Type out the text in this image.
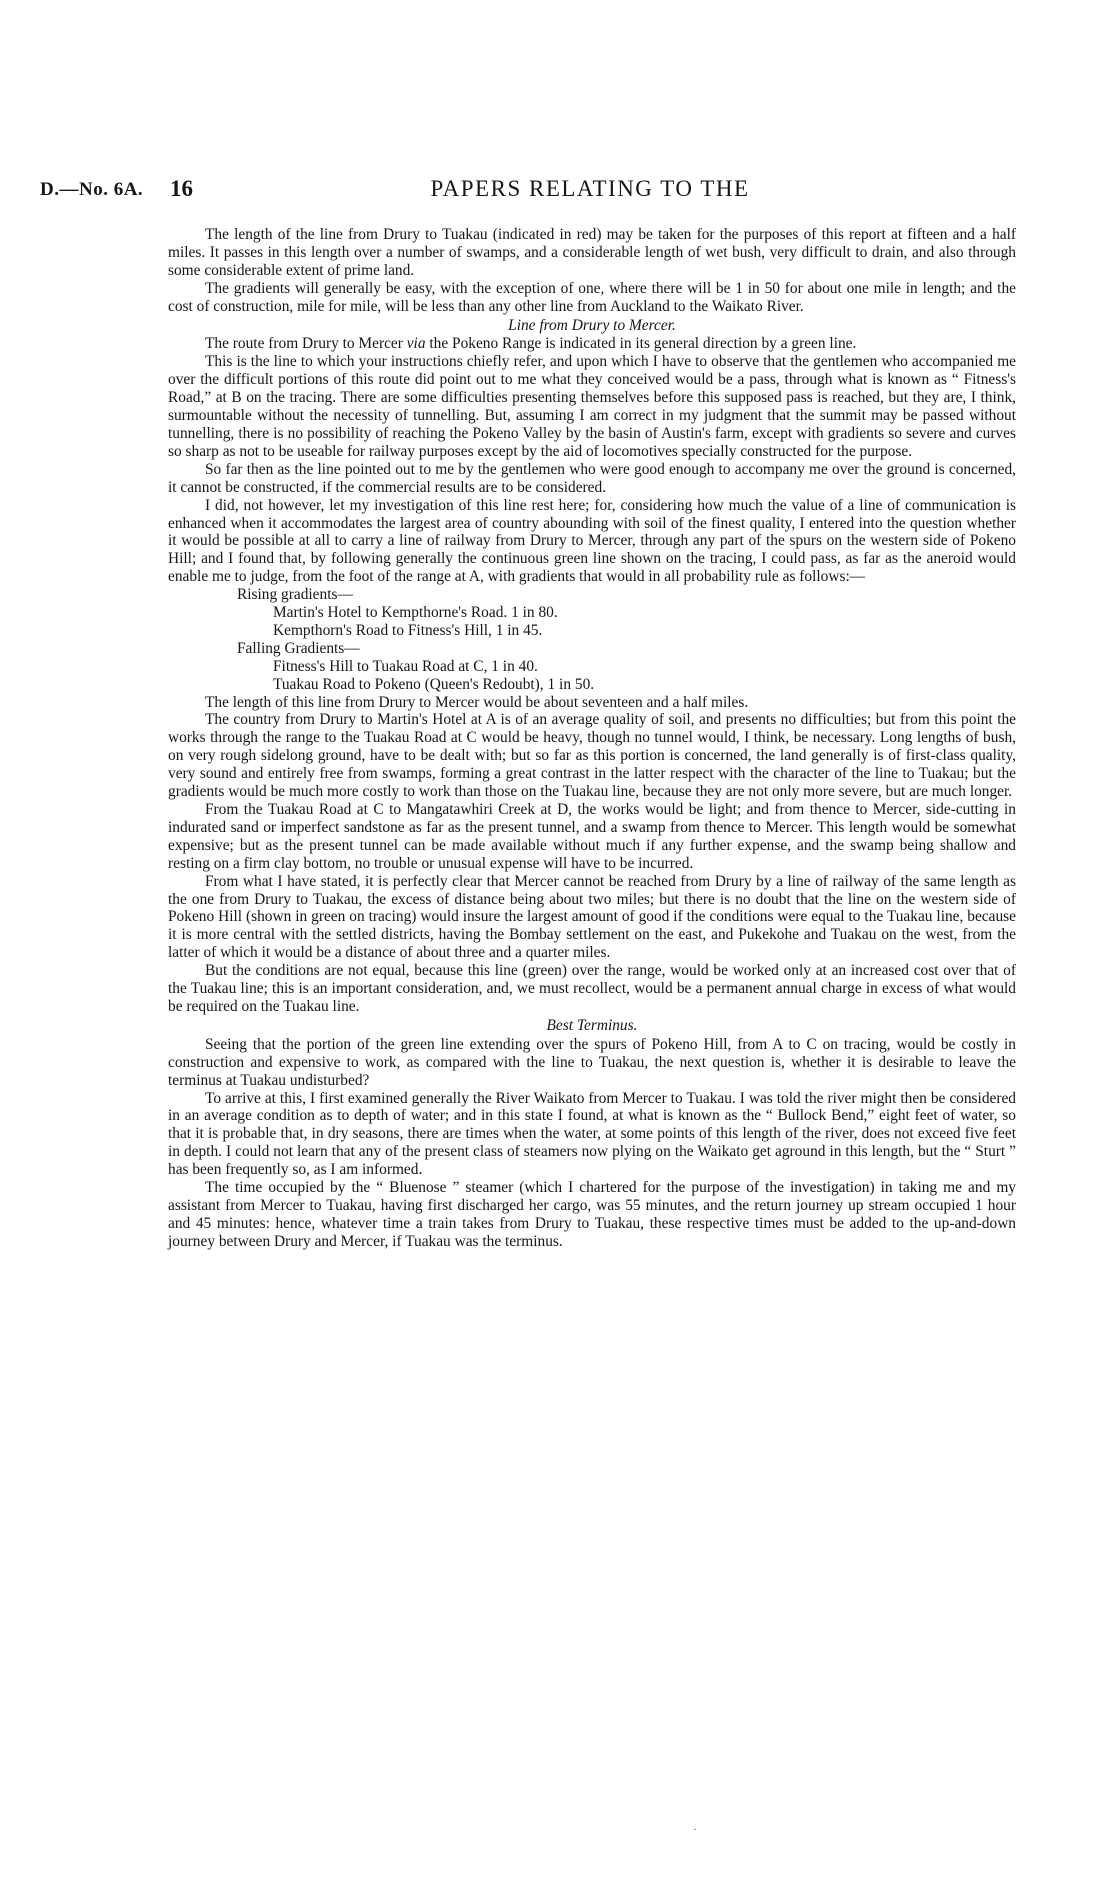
D.—No. 6A. 16	PAPERS RELATING TO THE

The length of the line from Drury to Tuakau (indicated in red) may be taken for the purposes of this report at fifteen and a half miles. It passes in this length over a number of swamps, and a considerable length of wet bush, very difficult to drain, and also through some considerable extent of prime land.

The gradients will generally be easy, with the exception of one, where there will be 1 in 50 for about one mile in length; and the cost of construction, mile for mile, will be less than any other line from Auckland to the Waikato River.

Line from Drury to Mercer.

The route from Drury to Mercer via the Pokeno Range is indicated in its general direction by a green line.

This is the line to which your instructions chiefly refer, and upon which I have to observe that the gentlemen who accompanied me over the difficult portions of this route did point out to me what they conceived would be a pass, through what is known as “ Fitness's Road,” at B on the tracing. There are some difficulties presenting themselves before this supposed pass is reached, but they are, I think, surmountable without the necessity of tunnelling. But, assuming I am correct in my judgment that the summit may be passed without tunnelling, there is no possibility of reaching the Pokeno Valley by the basin of Austin's farm, except with gradients so severe and curves so sharp as not to be useable for railway purposes except by the aid of locomotives specially constructed for the purpose.

So far then as the line pointed out to me by the gentlemen who were good enough to accompany me over the ground is concerned, it cannot be constructed, if the commercial results are to be considered.

I did, not however, let my investigation of this line rest here; for, considering how much the value of a line of communication is enhanced when it accommodates the largest area of country abounding with soil of the finest quality, I entered into the question whether it would be possible at all to carry a line of railway from Drury to Mercer, through any part of the spurs on the western side of Pokeno Hill; and I found that, by following generally the continuous green line shown on the tracing, I could pass, as far as the aneroid would enable me to judge, from the foot of the range at A, with gradients that would in all probability rule as follows:—

Rising gradients—
Martin's Hotel to Kempthorne's Road. 1 in 80.
Kempthorn's Road to Fitness's Hill, 1 in 45.
Falling Gradients—
Fitness's Hill to Tuakau Road at C, 1 in 40.
Tuakau Road to Pokeno (Queen's Redoubt), 1 in 50.

The length of this line from Drury to Mercer would be about seventeen and a half miles.

The country from Drury to Martin's Hotel at A is of an average quality of soil, and presents no difficulties; but from this point the works through the range to the Tuakau Road at C would be heavy, though no tunnel would, I think, be necessary. Long lengths of bush, on very rough sidelong ground, have to be dealt with; but so far as this portion is concerned, the land generally is of first-class quality, very sound and entirely free from swamps, forming a great contrast in the latter respect with the character of the line to Tuakau; but the gradients would be much more costly to work than those on the Tuakau line, because they are not only more severe, but are much longer.

From the Tuakau Road at C to Mangatawhiri Creek at D, the works would be light; and from thence to Mercer, side-cutting in indurated sand or imperfect sandstone as far as the present tunnel, and a swamp from thence to Mercer. This length would be somewhat expensive; but as the present tunnel can be made available without much if any further expense, and the swamp being shallow and resting on a firm clay bottom, no trouble or unusual expense will have to be incurred.

From what I have stated, it is perfectly clear that Mercer cannot be reached from Drury by a line of railway of the same length as the one from Drury to Tuakau, the excess of distance being about two miles; but there is no doubt that the line on the western side of Pokeno Hill (shown in green on tracing) would insure the largest amount of good if the conditions were equal to the Tuakau line, because it is more central with the settled districts, having the Bombay settlement on the east, and Pukekohe and Tuakau on the west, from the latter of which it would be a distance of about three and a quarter miles.

But the conditions are not equal, because this line (green) over the range, would be worked only at an increased cost over that of the Tuakau line; this is an important consideration, and, we must recollect, would be a permanent annual charge in excess of what would be required on the Tuakau line.

Best Terminus.

Seeing that the portion of the green line extending over the spurs of Pokeno Hill, from A to C on tracing, would be costly in construction and expensive to work, as compared with the line to Tuakau, the next question is, whether it is desirable to leave the terminus at Tuakau undisturbed?

To arrive at this, I first examined generally the River Waikato from Mercer to Tuakau. I was told the river might then be considered in an average condition as to depth of water; and in this state I found, at what is known as the “ Bullock Bend,” eight feet of water, so that it is probable that, in dry seasons, there are times when the water, at some points of this length of the river, does not exceed five feet in depth. I could not learn that any of the present class of steamers now plying on the Waikato get aground in this length, but the “ Sturt ” has been frequently so, as I am informed.

The time occupied by the “ Bluenose ” steamer (which I chartered for the purpose of the investigation) in taking me and my assistant from Mercer to Tuakau, having first discharged her cargo, was 55 minutes, and the return journey up stream occupied 1 hour and 45 minutes: hence, whatever time a train takes from Drury to Tuakau, these respective times must be added to the up-and-down journey between Drury and Mercer, if Tuakau was the terminus.

·
